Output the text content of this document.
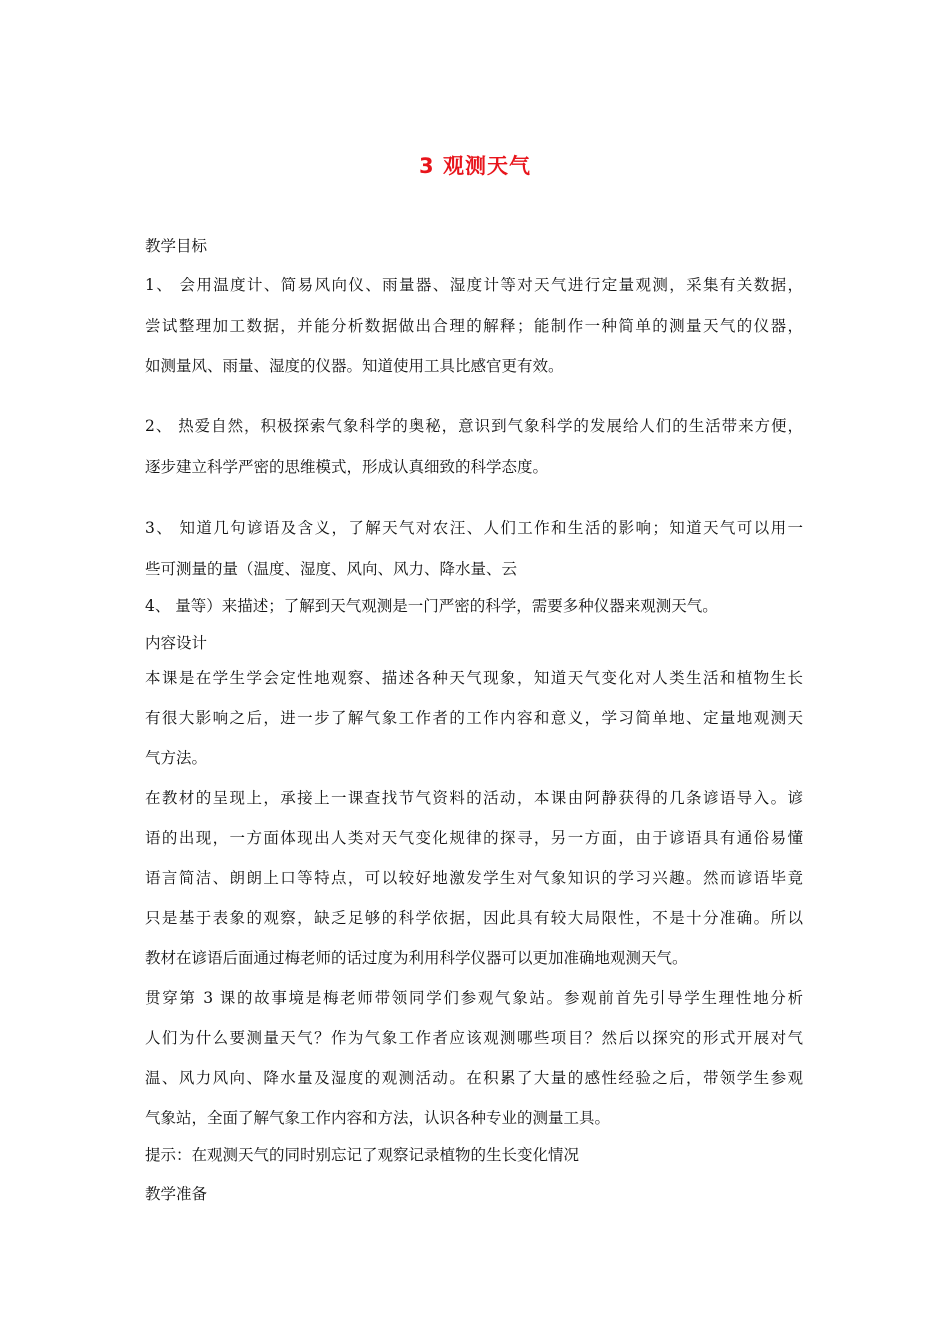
3 观测天气
教学目标
1、 会用温度计、简易风向仪、雨量器、湿度计等对天气进行定量观测，采集有关数据，
尝试整理加工数据，并能分析数据做出合理的解释；能制作一种简单的测量天气的仪器，
如测量风、雨量、湿度的仪器。知道使用工具比感官更有效。
2、 热爱自然，积极探索气象科学的奥秘，意识到气象科学的发展给人们的生活带来方便，
逐步建立科学严密的思维模式，形成认真细致的科学态度。
3、 知道几句谚语及含义，了解天气对农汪、人们工作和生活的影响；知道天气可以用一
些可测量的量（温度、湿度、风向、风力、降水量、云
4、 量等）来描述；了解到天气观测是一门严密的科学，需要多种仪器来观测天气。
内容设计
本课是在学生学会定性地观察、描述各种天气现象，知道天气变化对人类生活和植物生长
有很大影响之后，进一步了解气象工作者的工作内容和意义，学习简单地、定量地观测天
气方法。
在教材的呈现上，承接上一课查找节气资料的活动，本课由阿静获得的几条谚语导入。谚
语的出现，一方面体现出人类对天气变化规律的探寻，另一方面，由于谚语具有通俗易懂
语言简洁、朗朗上口等特点，可以较好地激发学生对气象知识的学习兴趣。然而谚语毕竟
只是基于表象的观察，缺乏足够的科学依据，因此具有较大局限性，不是十分准确。所以
教材在谚语后面通过梅老师的话过度为利用科学仪器可以更加准确地观测天气。
贯穿第 3 课的故事境是梅老师带领同学们参观气象站。参观前首先引导学生理性地分析
人们为什么要测量天气？作为气象工作者应该观测哪些项目？然后以探究的形式开展对气
温、风力风向、降水量及湿度的观测活动。在积累了大量的感性经验之后，带领学生参观
气象站，全面了解气象工作内容和方法，认识各种专业的测量工具。
提示：在观测天气的同时别忘记了观察记录植物的生长变化情况
教学准备
